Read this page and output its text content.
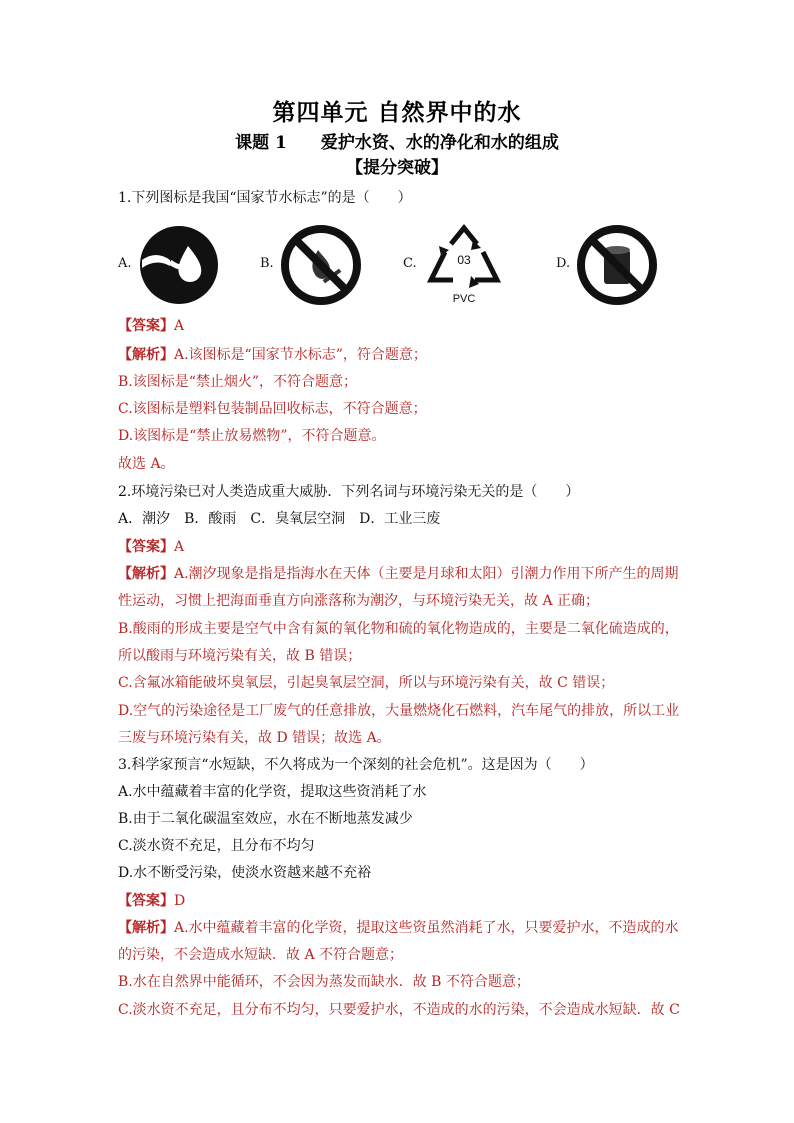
第四单元 自然界中的水
课题 1　　爱护水资、水的净化和水的组成
【提分突破】
1.下列图标是我国“国家节水标志”的是（　　）
A.	B.	C.	03
PVC
D.
【答案】A
【解析】A.该图标是“国家节水标志”，符合题意；
B.该图标是“禁止烟火”，不符合题意；
C.该图标是塑料包装制品回收标志，不符合题意；
D.该图标是“禁止放易燃物”，不符合题意。
故选 A。
2.环境污染已对人类造成重大威胁．下列名词与环境污染无关的是（　　）
A．潮汐　B．酸雨　C．臭氧层空洞　D．工业三废
【答案】A
【解析】A.潮汐现象是指是指海水在天体（主要是月球和太阳）引潮力作用下所产生的周期
性运动，习惯上把海面垂直方向涨落称为潮汐，与环境污染无关，故 A 正确；
B.酸雨的形成主要是空气中含有氮的氧化物和硫的氧化物造成的，主要是二氧化硫造成的，
所以酸雨与环境污染有关，故 B 错误；
C.含氟冰箱能破坏臭氧层，引起臭氧层空洞，所以与环境污染有关，故 C 错误；
D.空气的污染途径是工厂废气的任意排放，大量燃烧化石燃料，汽车尾气的排放，所以工业
三废与环境污染有关，故 D 错误；故选 A。
3.科学家预言“水短缺，不久将成为一个深刻的社会危机”。这是因为（　　）
A.水中蕴藏着丰富的化学资，提取这些资消耗了水
B.由于二氧化碳温室效应，水在不断地蒸发减少
C.淡水资不充足，且分布不均匀
D.水不断受污染，使淡水资越来越不充裕
【答案】D
【解析】A.水中蕴藏着丰富的化学资，提取这些资虽然消耗了水，只要爱护水，不造成的水
的污染，不会造成水短缺．故 A 不符合题意；
B.水在自然界中能循环，不会因为蒸发而缺水．故 B 不符合题意；
C.淡水资不充足，且分布不均匀，只要爱护水，不造成的水的污染，不会造成水短缺．故 C
